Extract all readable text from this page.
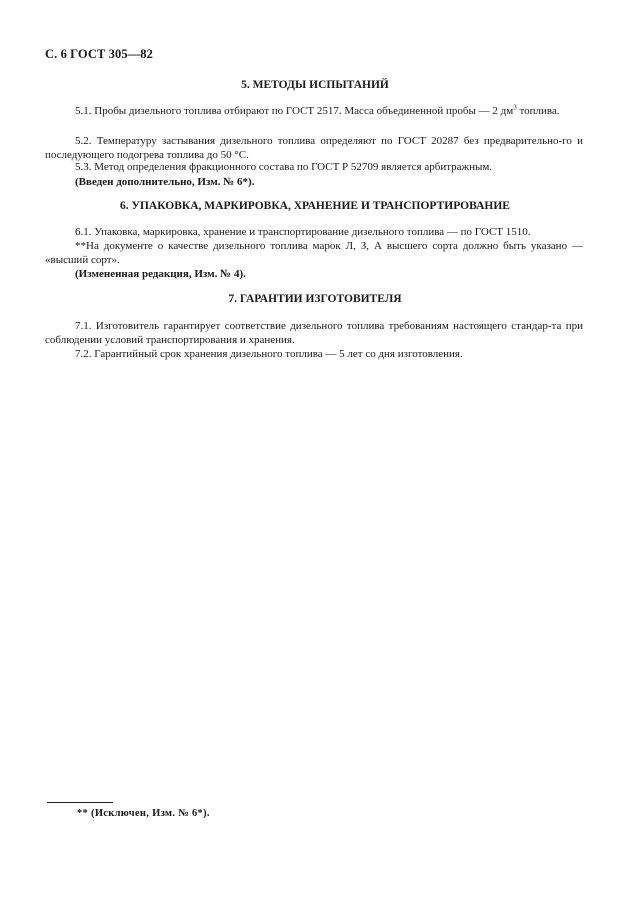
С. 6 ГОСТ 305—82
5. МЕТОДЫ ИСПЫТАНИЙ
5.1. Пробы дизельного топлива отбирают по ГОСТ 2517. Масса объединенной пробы — 2 $дм^3$ топлива.
5.2. Температуру застывания дизельного топлива определяют по ГОСТ 20287 без предварительно-го и последующего подогрева топлива до 50 °С.
5.3. Метод определения фракционного состава по ГОСТ Р 52709 является арбитражным.
(Введен дополнительно, Изм. № 6*).
6. УПАКОВКА, МАРКИРОВКА, ХРАНЕНИЕ И ТРАНСПОРТИРОВАНИЕ
6.1. Упаковка, маркировка, хранение и транспортирование дизельного топлива — по ГОСТ 1510.
**На документе о качестве дизельного топлива марок Л, З, А высшего сорта должно быть указано — «высший сорт».
(Измененная редакция, Изм. № 4).
7. ГАРАНТИИ ИЗГОТОВИТЕЛЯ
7.1. Изготовитель гарантирует соответствие дизельного топлива требованиям настоящего стандар-та при соблюдении условий транспортирования и хранения.
7.2. Гарантийный срок хранения дизельного топлива — 5 лет со дня изготовления.
** (Исключен, Изм. № 6*).
